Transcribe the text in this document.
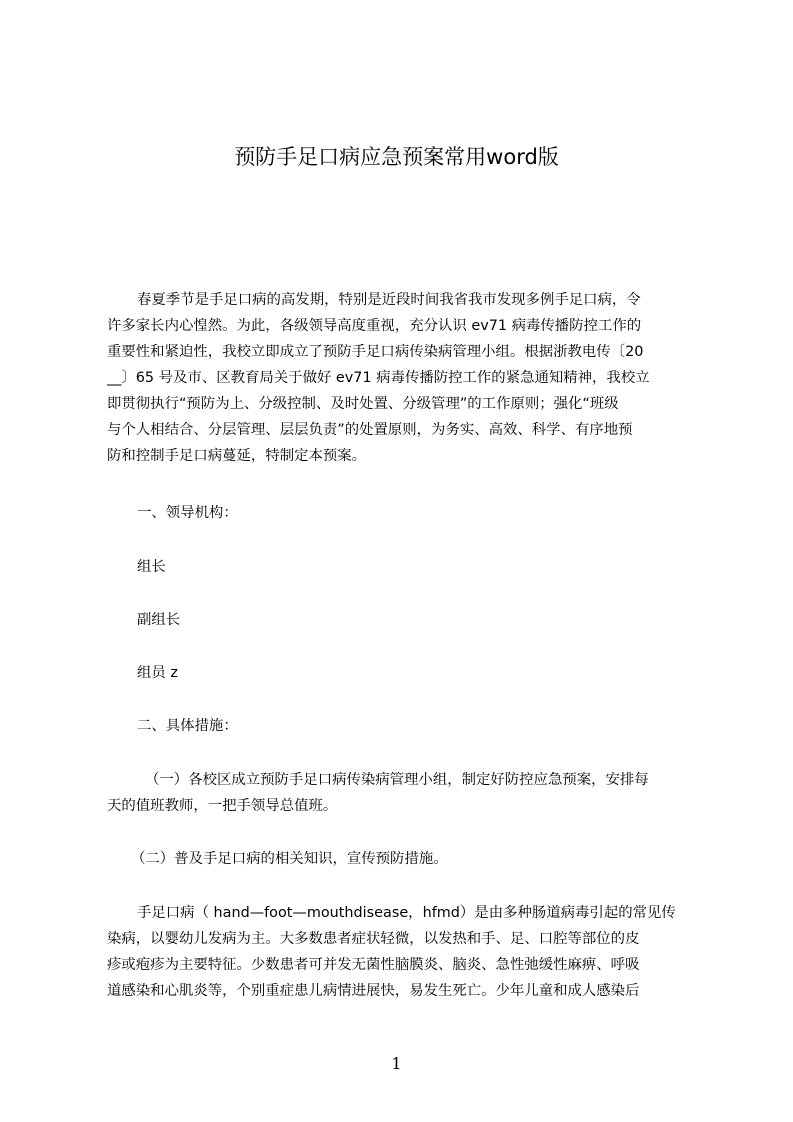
预防手足口病应急预案常用word版
春夏季节是手足口病的高发期，特别是近段时间我省我市发现多例手足口病，令
许多家长内心惶然。为此，各级领导高度重视，充分认识 ev71 病毒传播防控工作的
重要性和紧迫性，我校立即成立了预防手足口病传染病管理小组。根据浙教电传〔20
__〕65 号及市、区教育局关于做好 ev71 病毒传播防控工作的紧急通知精神，我校立
即贯彻执行“预防为上、分级控制、及时处置、分级管理”的工作原则；强化“班级
与个人相结合、分层管理、层层负责”的处置原则，为务实、高效、科学、有序地预
防和控制手足口病蔓延，特制定本预案。

一、领导机构：

组长

副组长

组员 z

二、具体措施：

（一）各校区成立预防手足口病传染病管理小组，制定好防控应急预案，安排每
天的值班教师，一把手领导总值班。

（二）普及手足口病的相关知识，宣传预防措施。

手足口病（ hand—foot—mouthdisease，hfmd）是由多种肠道病毒引起的常见传
染病，以婴幼儿发病为主。大多数患者症状轻微，以发热和手、足、口腔等部位的皮
疹或疱疹为主要特征。少数患者可并发无菌性脑膜炎、脑炎、急性弛缓性麻痹、呼吸
道感染和心肌炎等，个别重症患儿病情进展快，易发生死亡。少年儿童和成人感染后
1
